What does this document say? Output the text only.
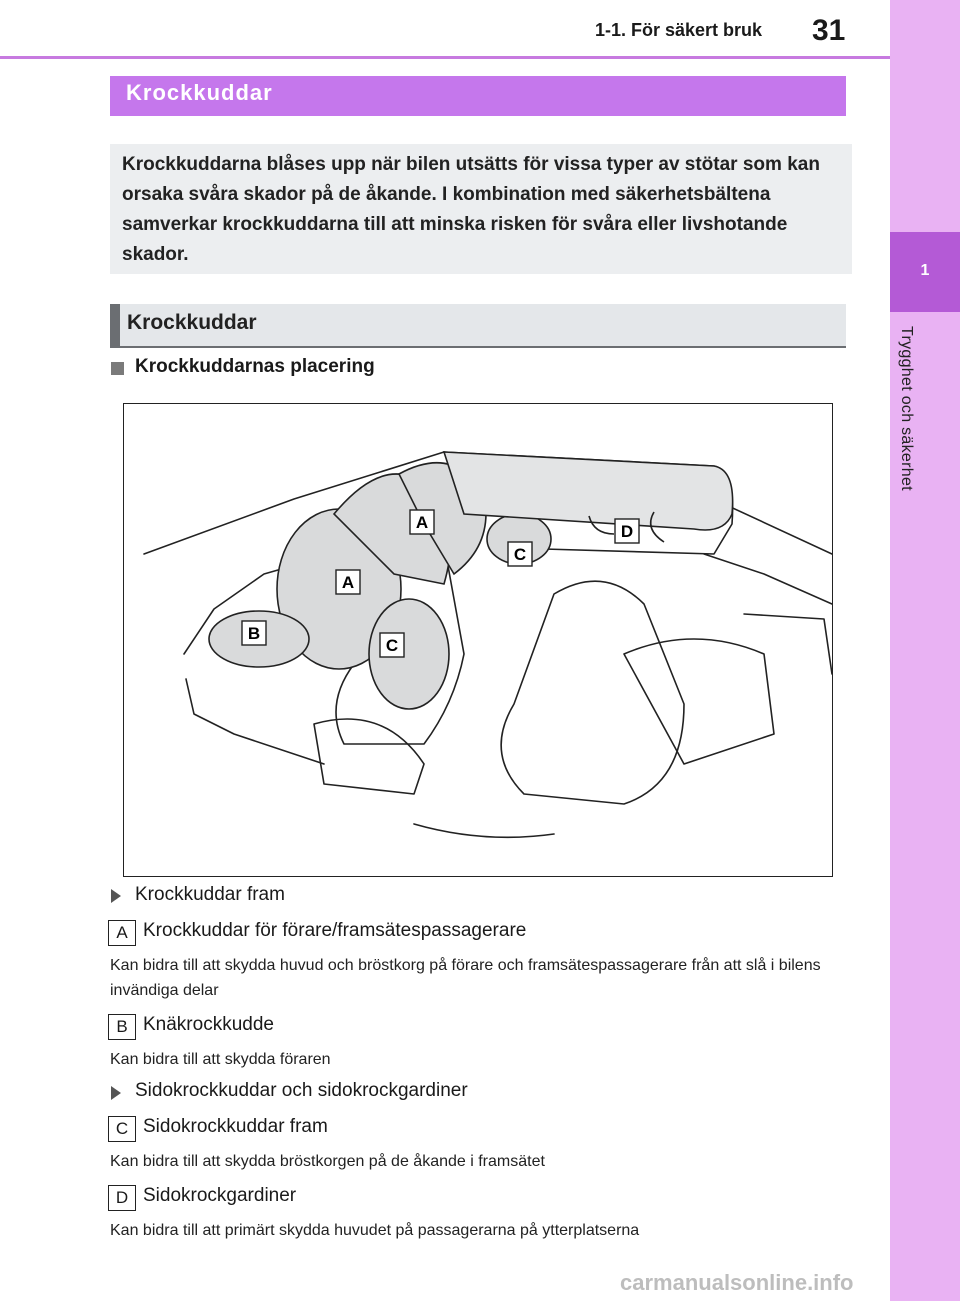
1-1. För säkert bruk 31
1
Trygghet och säkerhet
Krockkuddar
Krockkuddarna blåses upp när bilen utsätts för vissa typer av stötar som kan orsaka svåra skador på de åkande. I kombination med säkerhetsbältena samverkar krockkuddarna till att minska risken för svåra eller livshotande skador.
Krockkuddar
Krockkuddarnas placering
A
A
B
C
C
D
Krockkuddar fram
A Krockkuddar för förare/framsätespassagerare
Kan bidra till att skydda huvud och bröstkorg på förare och framsätespassagerare från att slå i bilens invändiga delar
B Knäkrockkudde
Kan bidra till att skydda föraren
Sidokrockkuddar och sidokrockgardiner
C Sidokrockkuddar fram
Kan bidra till att skydda bröstkorgen på de åkande i framsätet
D Sidokrockgardiner
Kan bidra till att primärt skydda huvudet på passagerarna på ytterplatserna
carmanualsonline.info
